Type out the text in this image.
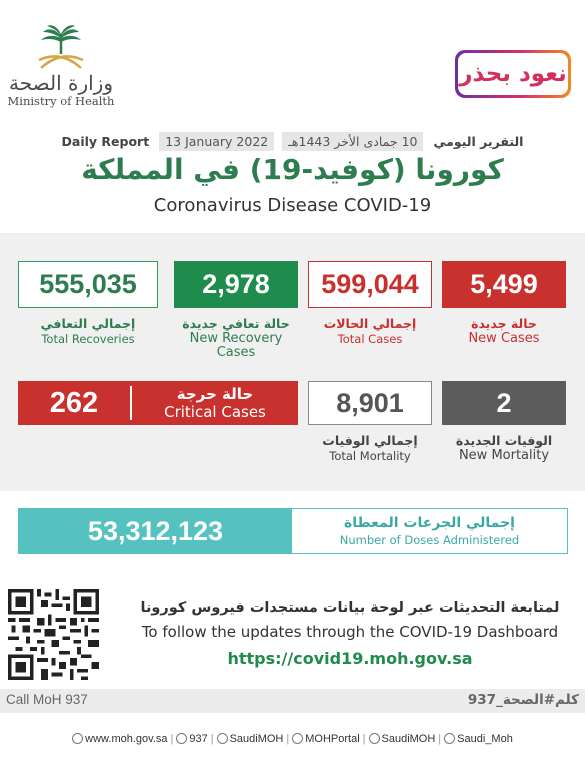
وزارة الصحة
Ministry of Health
نعود بحذر
Daily Report 13 January 2022 10 جمادى الأخر 1443هـ التقرير اليومي
كورونا (كوفيد-19) في المملكة
Coronavirus Disease COVID-19
555,035
إجمالي التعافي
Total Recoveries
2,978
حالة تعافي جديدة
New Recovery Cases
599,044
إجمالي الحالات
Total Cases
5,499
حالة جديدة
New Cases
262	حالة حرجة
Critical Cases	8,901
إجمالي الوفيات
Total Mortality
2
الوفيات الجديدة
New Mortality
53,312,123	إجمالي الجرعات المعطاة
Number of Doses Administered
لمتابعة التحديثات عبر لوحة بيانات مستجدات فيروس كورونا
To follow the updates through the COVID-19 Dashboard
https://covid19.moh.gov.sa
Call MoH 937	كلم#الصحة_937
www.moh.gov.sa | 937 | SaudiMOH | MOHPortal | SaudiMOH | Saudi_Moh
